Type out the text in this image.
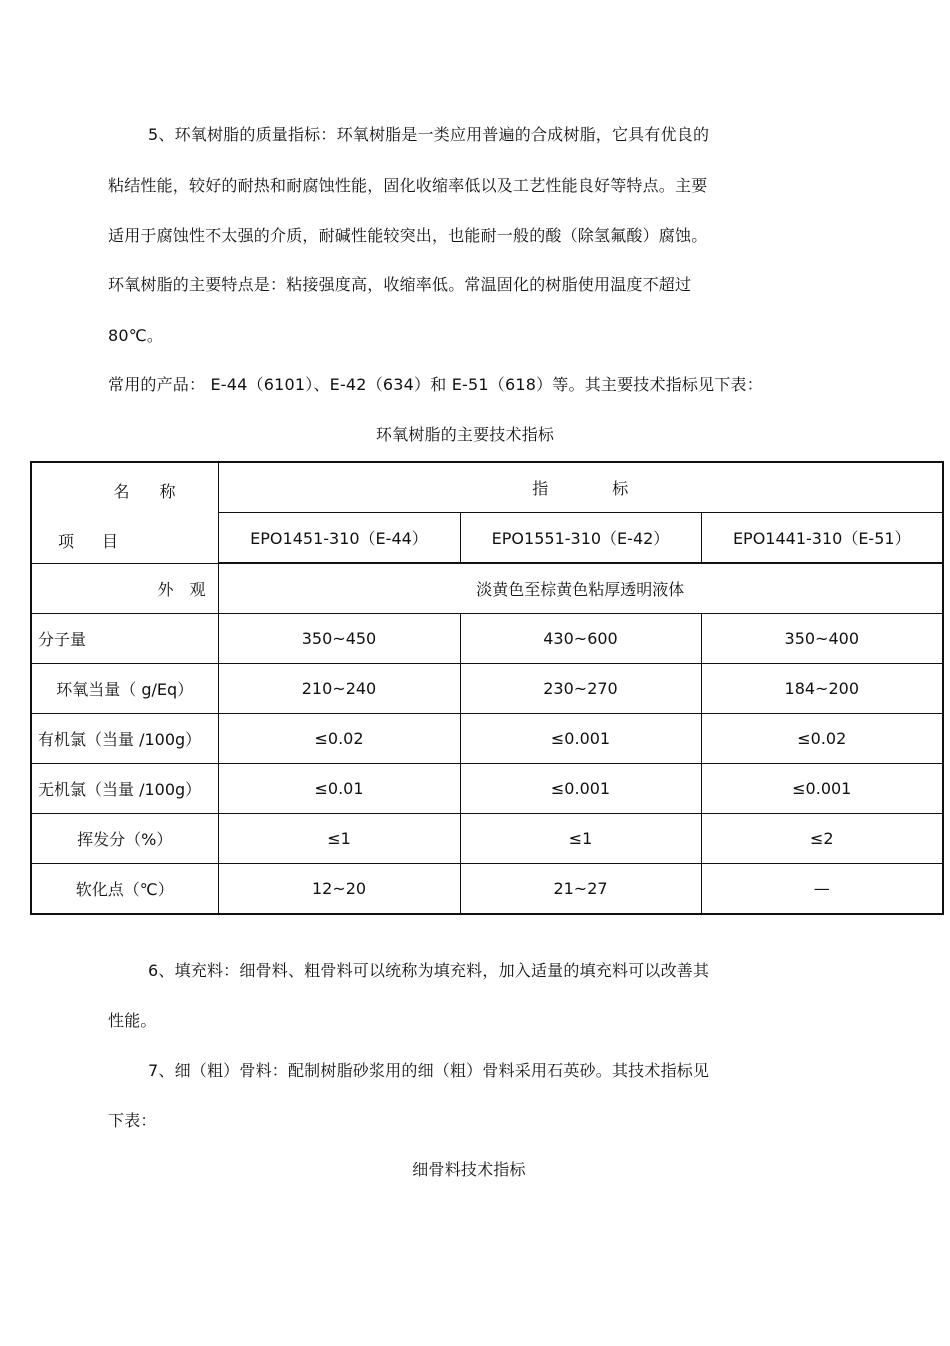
5、环氧树脂的质量指标：环氧树脂是一类应用普遍的合成树脂，它具有优良的
粘结性能，较好的耐热和耐腐蚀性能，固化收缩率低以及工艺性能良好等特点。主要
适用于腐蚀性不太强的介质，耐碱性能较突出，也能耐一般的酸（除氢氟酸）腐蚀。
环氧树脂的主要特点是：粘接强度高，收缩率低。常温固化的树脂使用温度不超过
80℃。
常用的产品： E-44（6101）、E-42（634）和 E-51（618）等。其主要技术指标见下表：
环氧树脂的主要技术指标
名称
项目	指　　　　标		
	EPO1451-310（E-44）	EPO1551-310（E-42）	EPO1441-310（E-51）
外　观	淡黄色至棕黄色粘厚透明液体		
分子量	350~450	430~600	350~400
环氧当量（ g/Eq）	210~240	230~270	184~200
有机氯（当量 /100g）	≤0.02	≤0.001	≤0.02
无机氯（当量 /100g）	≤0.01	≤0.001	≤0.001
挥发分（%）	≤1	≤1	≤2
软化点（℃）	12~20	21~27	—
6、填充料：细骨料、粗骨料可以统称为填充料，加入适量的填充料可以改善其
性能。
7、细（粗）骨料：配制树脂砂浆用的细（粗）骨料采用石英砂。其技术指标见
下表：
细骨料技术指标
